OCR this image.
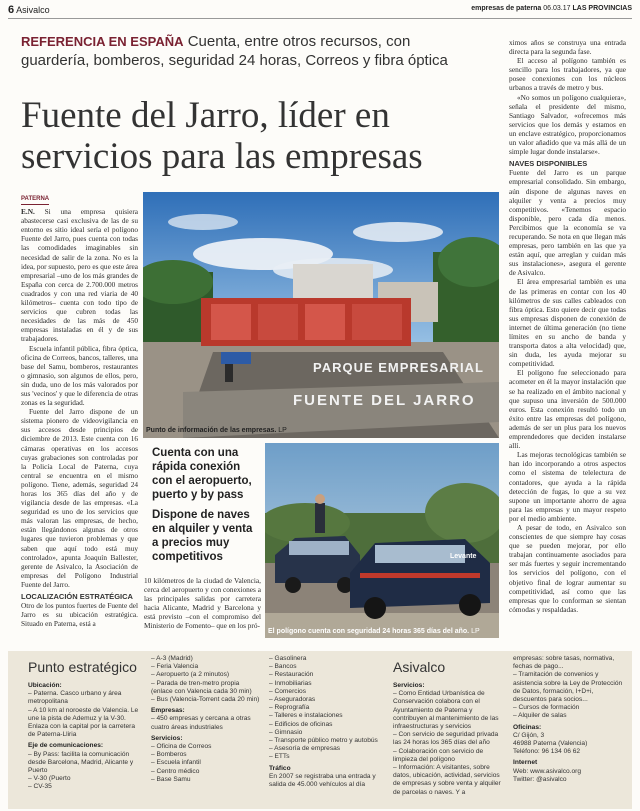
6 Asivalco	empresas de paterna 06.03.17 LAS PROVINCIAS
REFERENCIA EN ESPAÑA Cuenta, entre otros recursos, con guardería, bomberos, seguridad 24 horas, Correos y fibra óptica
Fuente del Jarro, líder en servicios para las empresas
PATERNA

E.N. Si una empresa quisiera abastecerse casi exclusiva de las de su entorno es sitio ideal sería el polígono Fuente del Jarro, pues cuenta con todas las comodidades imaginables sin necesidad de salir de la zona. No es la idea, por supuesto, pero es que este área empresarial –uno de los más grandes de España con cerca de 2.700.000 metros cuadrados y con una red viaria de 40 kilómetros– cuenta con todo tipo de servicios que cubren todas las necesidades de las más de 450 empresas instaladas en él y de sus trabajadores.

Escuela infantil pública, fibra óptica, oficina de Correos, bancos, talleres, una base del Samu, bomberos, restaurantes o gimnasio, son algunos de ellos, pero, sin duda, uno de los más valorados por sus 'vecinos' y que le diferencia de otras zonas es la seguridad.

Fuente del Jarro dispone de un sistema pionero de videovigilancia en sus accesos desde principios de diciembre de 2013. Este cuenta con 16 cámaras operativas en los accesos cuyas grabaciones son controladas por la Policía Local de Paterna, cuya central se encuentra en el mismo polígono. Tiene, además, seguridad 24 horas los 365 días del año y de vigilancia desde de las empresas. «La seguridad es uno de los servicios que más valoran las empresas, de hecho, están llegándonos algunas de otros lugares que tuvieron problemas y que saben que aquí todo está muy controlado», apunta Joaquín Ballester, gerente de Asivalco, la Asociación de empresas del Polígono Industrial Fuente del Jarro.

LOCALIZACIÓN ESTRATÉGICA

Otro de los puntos fuertes de Fuente del Jarro es su ubicación estratégica. Situado en Paterna, está a

PARQUE EMPRESARIAL
FUENTE DEL JARRO
Punto de información de las empresas. LP
Cuenta con una rápida conexión con el aeropuerto, puerto y by pass
Dispone de naves en alquiler y venta a precios muy competitivos

10 kilómetros de la ciudad de Valencia, cerca del aeropuerto y con conexiones a las principales salidas por carretera hacia Alicante, Madrid y Barcelona y está previsto –con el compromiso del Ministerio de Fomento– que en los pró-

Levante
El polígono cuenta con seguridad 24 horas 365 días del año. LP

ximos años se construya una entrada directa para la segunda fase.

El acceso al polígono también es sencillo para los trabajadores, ya que posee conexiones con los núcleos urbanos a través de metro y bus.

«No somos un polígono cualquiera», señala el presidente del mismo, Santiago Salvador, «ofrecemos más servicios que los demás y estamos en un enclave estratégico, proporcionamos un valor añadido que va más allá de un simple lugar donde instalarse».

NAVES DISPONIBLES

Fuente del Jarro es un parque empresarial consolidado. Sin embargo, aún dispone de algunas naves en alquiler y venta a precios muy competitivos. «Tenemos espacio disponible, pero cada día menos. Percibimos que la economía se va recuperando. Se nota en que llegan más empresas, pero también en las que ya están aquí, que arreglan y cuidan más sus instalaciones», asegura el gerente de Asivalco.

El área empresarial también es una de las primeras en contar con los 40 kilómetros de sus calles cableados con fibra óptica. Esto quiere decir que todas sus empresas disponen de conexión de internet de última generación (no tiene límites en su ancho de banda y transporta datos a alta velocidad) que, sin duda, les ayuda mejorar su competitividad.

El polígono fue seleccionado para acometer en él la mayor instalación que se ha realizado en el ámbito nacional y que supuso una inversión de 500.000 euros. Esta conexión resultó todo un éxito entre las empresas del polígono, además de ser un plus para los nuevos emprendedores que deciden instalarse allí.

Las mejoras tecnológicas también se han ido incorporando a otros aspectos como el sistema de telelectura de contadores, que ayuda a la rápida detección de fugas, lo que a su vez supone un importante ahorro de agua para las empresas y un mayor respeto por el medio ambiente.

A pesar de todo, en Asivalco son conscientes de que siempre hay cosas que se pueden mejorar, por ello trabajan continuamente asociados para ser más fuertes y seguir incrementando los servicios del polígono, con el objetivo final de lograr aumentar su competitividad, así como que las empresas que lo conforman se sientan cómodas y respaldadas.

Punto estratégico
Ubicación:
– Paterna. Casco urbano y área metropolitana
– A 10 km al noroeste de Valencia. Le une la pista de Ademuz y la V-30. Enlaza con la capital por la carretera de Paterna-Lliria
Eje de comunicaciones:
– By Pass: facilita la comunicación desde Barcelona, Madrid, Alicante y Puerto
– V-30 (Puerto
– CV-35
– A-3 (Madrid)
– Feria Valencia
– Aeropuerto (a 2 minutos)
– Parada de tren-metro propia (enlace con Valencia cada 30 min)
– Bus (Valencia-Torrent cada 20 min)
Empresas:
– 450 empresas y cercana a otras cuatro áreas industriales
Servicios:
– Oficina de Correos
– Bomberos
– Escuela infantil
– Centro médico
– Base Samu
– Gasolinera
– Bancos
– Restauración
– Inmobiliarias
– Comercios
– Aseguradoras
– Reprografía
– Talleres e instalaciones
– Edificios de oficinas
– Gimnasio
– Transporte público metro y autobús
– Asesoría de empresas
– ETTs
Tráfico
En 2007 se registraba una entrada y salida de 45.000 vehículos al día
Asivalco
Servicios:
– Como Entidad Urbanística de Conservación colabora con el Ayuntamiento de Paterna y contribuyen al mantenimiento de las infraestructuras y servicios
– Con servicio de seguridad privada las 24 horas los 365 días del año
– Colaboración con servicio de limpieza del polígono
– Información: A visitantes, sobre datos, ubicación, actividad, servicios de empresas y sobre venta y alquiler de parcelas o naves. Y a
empresas: sobre tasas, normativa, fechas de pago...
– Tramitación de convenios y asistencia sobre la Ley de Protección de Datos, formación, I+D+i, descuentos para socios...
– Cursos de formación
– Alquiler de salas
Oficinas:
C/ Gijón, 3
46988 Paterna (Valencia)
Teléfono: 96 134 06 62
Internet
Web: www.asivalco.org
Twitter: @asivalco
